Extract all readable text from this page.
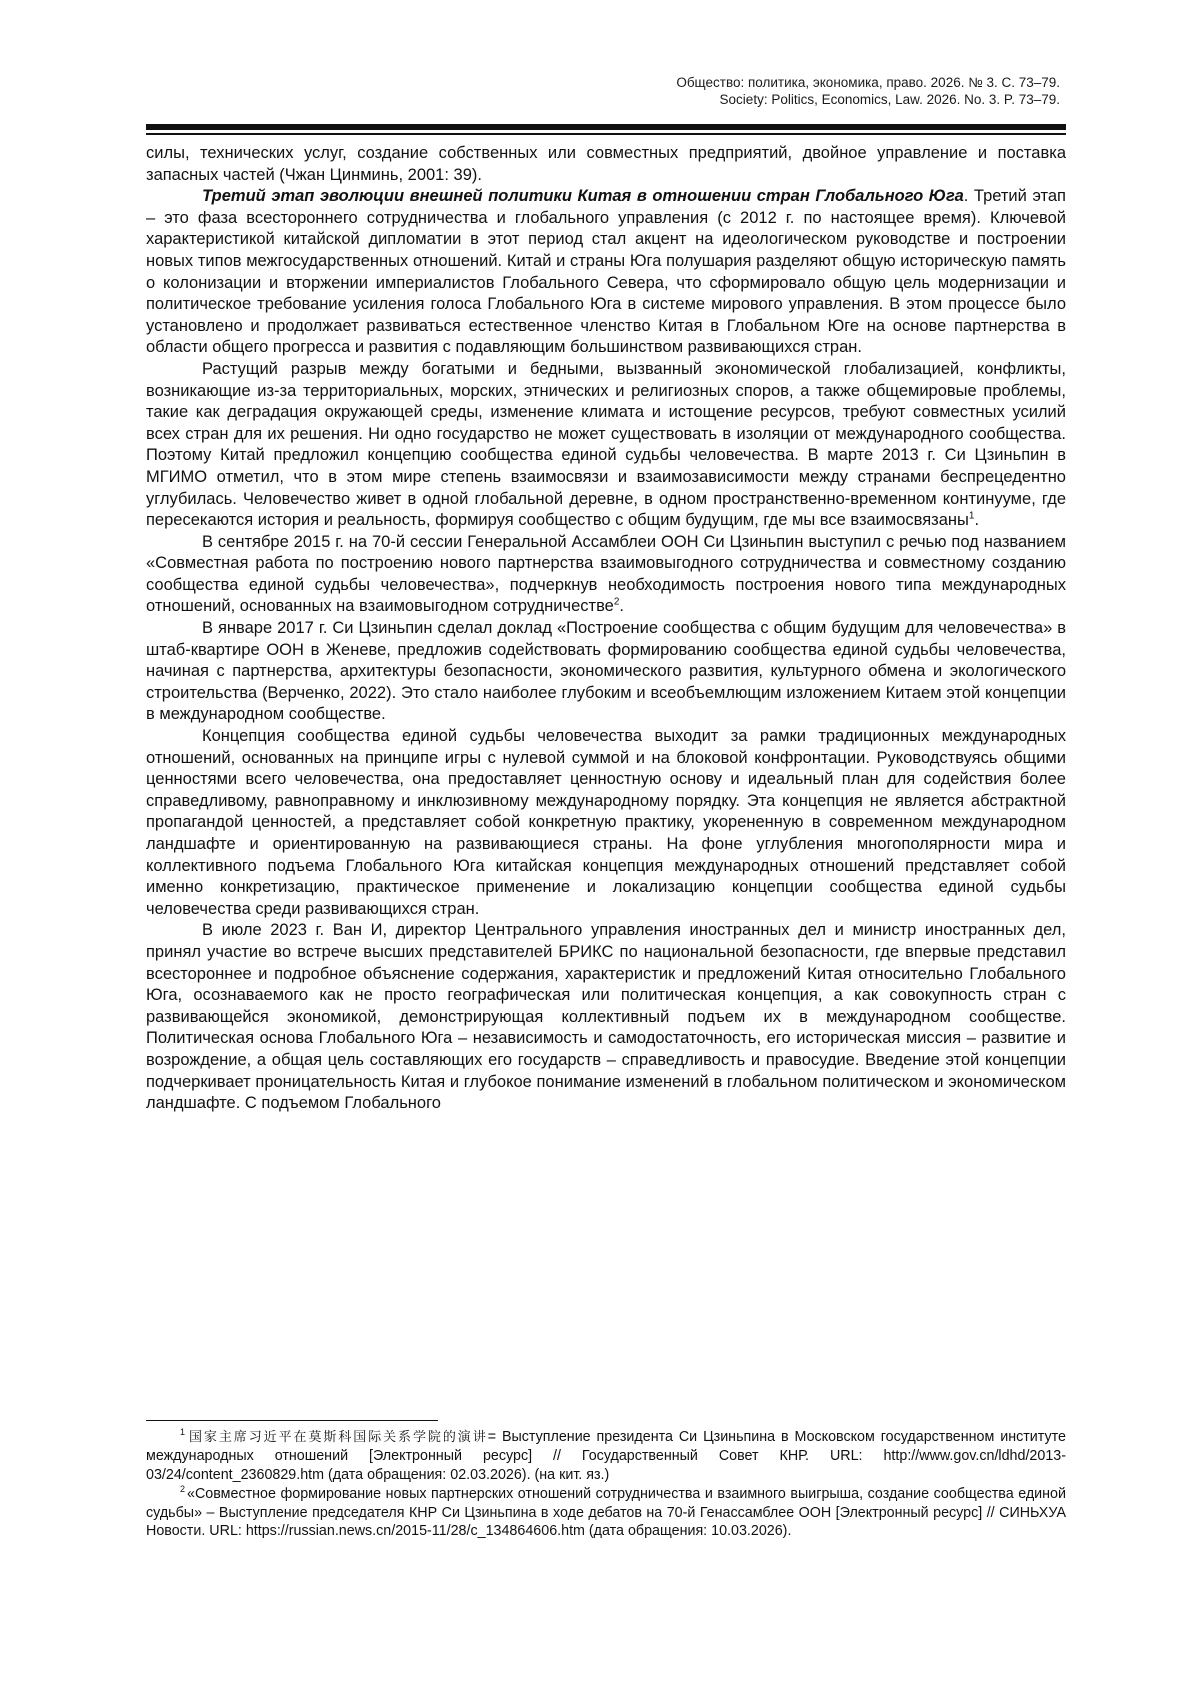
Общество: политика, экономика, право. 2026. № 3. С. 73–79.
Society: Politics, Economics, Law. 2026. No. 3. P. 73–79.

силы, технических услуг, создание собственных или совместных предприятий, двойное управление и поставка запасных частей (Чжан Цинминь, 2001: 39).

Третий этап эволюции внешней политики Китая в отношении стран Глобального Юга. Третий этап – это фаза всестороннего сотрудничества и глобального управления (с 2012 г. по настоящее время). Ключевой характеристикой китайской дипломатии в этот период стал акцент на идеологическом руководстве и построении новых типов межгосударственных отношений. Китай и страны Юга полушария разделяют общую историческую память о колонизации и вторжении империалистов Глобального Севера, что сформировало общую цель модернизации и политическое требование усиления голоса Глобального Юга в системе мирового управления. В этом процессе было установлено и продолжает развиваться естественное членство Китая в Глобальном Юге на основе партнерства в области общего прогресса и развития с подавляющим большинством развивающихся стран.

Растущий разрыв между богатыми и бедными, вызванный экономической глобализацией, конфликты, возникающие из-за территориальных, морских, этнических и религиозных споров, а также общемировые проблемы, такие как деградация окружающей среды, изменение климата и истощение ресурсов, требуют совместных усилий всех стран для их решения. Ни одно государство не может существовать в изоляции от международного сообщества. Поэтому Китай предложил концепцию сообщества единой судьбы человечества. В марте 2013 г. Си Цзиньпин в МГИМО отметил, что в этом мире степень взаимосвязи и взаимозависимости между странами беспрецедентно углубилась. Человечество живет в одной глобальной деревне, в одном пространственно-временном континууме, где пересекаются история и реальность, формируя сообщество с общим будущим, где мы все взаимосвязаны$^1$.

В сентябре 2015 г. на 70-й сессии Генеральной Ассамблеи ООН Си Цзиньпин выступил с речью под названием «Совместная работа по построению нового партнерства взаимовыгодного сотрудничества и совместному созданию сообщества единой судьбы человечества», подчеркнув необходимость построения нового типа международных отношений, основанных на взаимовыгодном сотрудничестве$^2$.

В январе 2017 г. Си Цзиньпин сделал доклад «Построение сообщества с общим будущим для человечества» в штаб-квартире ООН в Женеве, предложив содействовать формированию сообщества единой судьбы человечества, начиная с партнерства, архитектуры безопасности, экономического развития, культурного обмена и экологического строительства (Верченко, 2022). Это стало наиболее глубоким и всеобъемлющим изложением Китаем этой концепции в международном сообществе.

Концепция сообщества единой судьбы человечества выходит за рамки традиционных международных отношений, основанных на принципе игры с нулевой суммой и на блоковой конфронтации. Руководствуясь общими ценностями всего человечества, она предоставляет ценностную основу и идеальный план для содействия более справедливому, равноправному и инклюзивному международному порядку. Эта концепция не является абстрактной пропагандой ценностей, а представляет собой конкретную практику, укорененную в современном международном ландшафте и ориентированную на развивающиеся страны. На фоне углубления многополярности мира и коллективного подъема Глобального Юга китайская концепция международных отношений представляет собой именно конкретизацию, практическое применение и локализацию концепции сообщества единой судьбы человечества среди развивающихся стран.

В июле 2023 г. Ван И, директор Центрального управления иностранных дел и министр иностранных дел, принял участие во встрече высших представителей БРИКС по национальной безопасности, где впервые представил всестороннее и подробное объяснение содержания, характеристик и предложений Китая относительно Глобального Юга, осознаваемого как не просто географическая или политическая концепция, а как совокупность стран с развивающейся экономикой, демонстрирующая коллективный подъем их в международном сообществе. Политическая основа Глобального Юга – независимость и самодостаточность, его историческая миссия – развитие и возрождение, а общая цель составляющих его государств – справедливость и правосудие. Введение этой концепции подчеркивает проницательность Китая и глубокое понимание изменений в глобальном политическом и экономическом ландшафте. С подъемом Глобального

$^1$ 国家主席习近平在莫斯科国际关系学院的演讲= Выступление президента Си Цзиньпина в Московском государственном институте международных отношений [Электронный ресурс] // Государственный Совет КНР. URL: http://www.gov.cn/ldhd/2013-03/24/content_2360829.htm (дата обращения: 02.03.2026). (на кит. яз.)

$^2$ «Совместное формирование новых партнерских отношений сотрудничества и взаимного выигрыша, создание сообщества единой судьбы» – Выступление председателя КНР Си Цзиньпина в ходе дебатов на 70-й Генассамблее ООН [Электронный ресурс] // СИНЬХУА Новости. URL: https://russian.news.cn/2015-11/28/c_134864606.htm (дата обращения: 10.03.2026).
